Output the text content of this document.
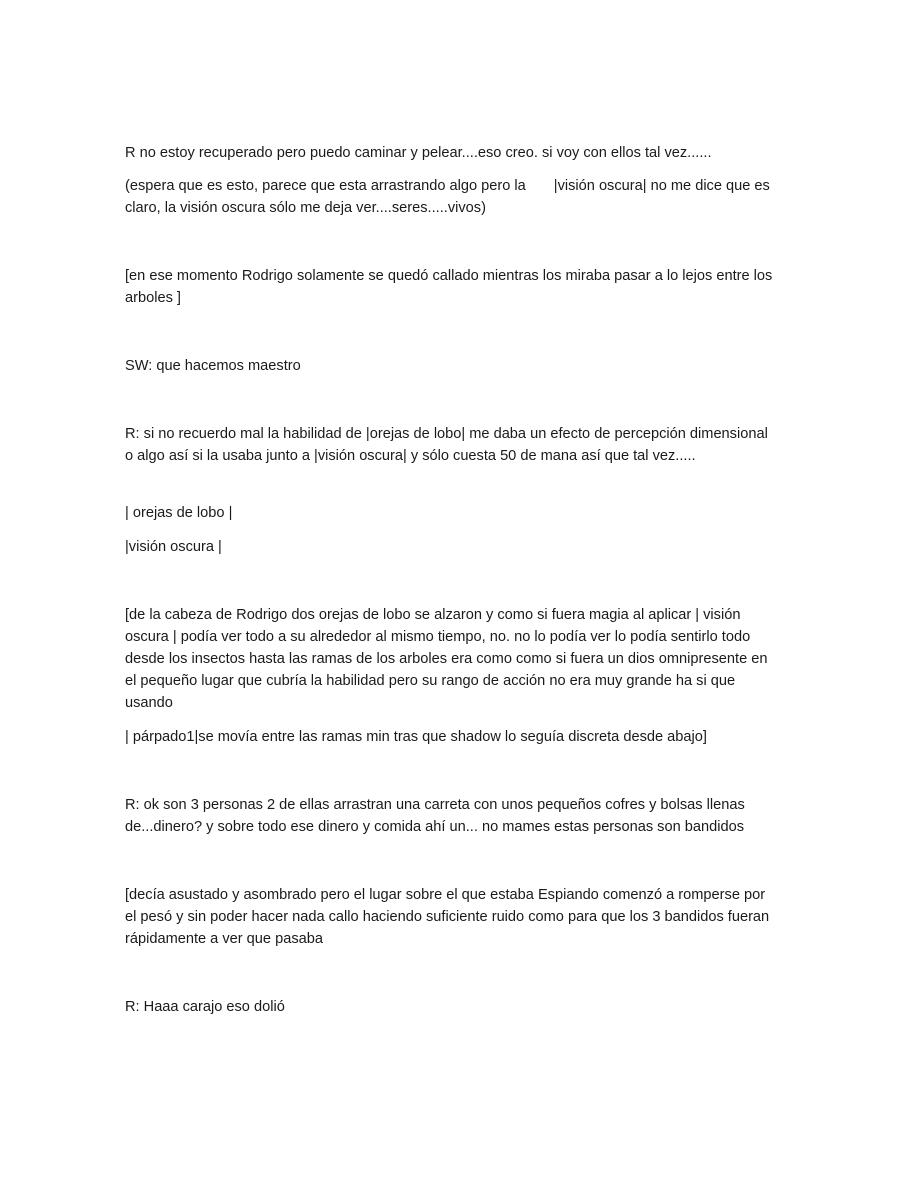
R no estoy recuperado pero puedo caminar y pelear....eso creo. si voy con ellos tal vez......

(espera que es esto, parece que esta arrastrando algo pero la |visión oscura| no me dice que es claro, la visión oscura sólo me deja ver....seres.....vivos)

[en ese momento Rodrigo solamente se quedó callado mientras los miraba pasar a lo lejos entre los arboles ]

SW: que hacemos maestro

R: si no recuerdo mal la habilidad de |orejas de lobo| me daba un efecto de percepción dimensional o algo así si la usaba junto a |visión oscura| y sólo cuesta 50 de mana así que tal vez.....

| orejas de lobo |

|visión oscura |

[de la cabeza de Rodrigo dos orejas de lobo se alzaron y como si fuera magia al aplicar | visión oscura | podía ver todo a su alrededor al mismo tiempo, no. no lo podía ver lo podía sentirlo todo desde los insectos hasta las ramas de los arboles era como como si fuera un dios omnipresente en el pequeño lugar que cubría la habilidad pero su rango de acción no era muy grande ha si que usando

| párpado1|se movía entre las ramas min tras que shadow lo seguía discreta desde abajo]

R: ok son 3 personas 2 de ellas arrastran una carreta con unos pequeños cofres y bolsas llenas de...dinero? y sobre todo ese dinero y comida ahí un... no mames estas personas son bandidos

[decía asustado y asombrado pero el lugar sobre el que estaba Espiando comenzó a romperse por el pesó y sin poder hacer nada callo haciendo suficiente ruido como para que los 3 bandidos fueran rápidamente a ver que pasaba

R: Haaa carajo eso dolió
